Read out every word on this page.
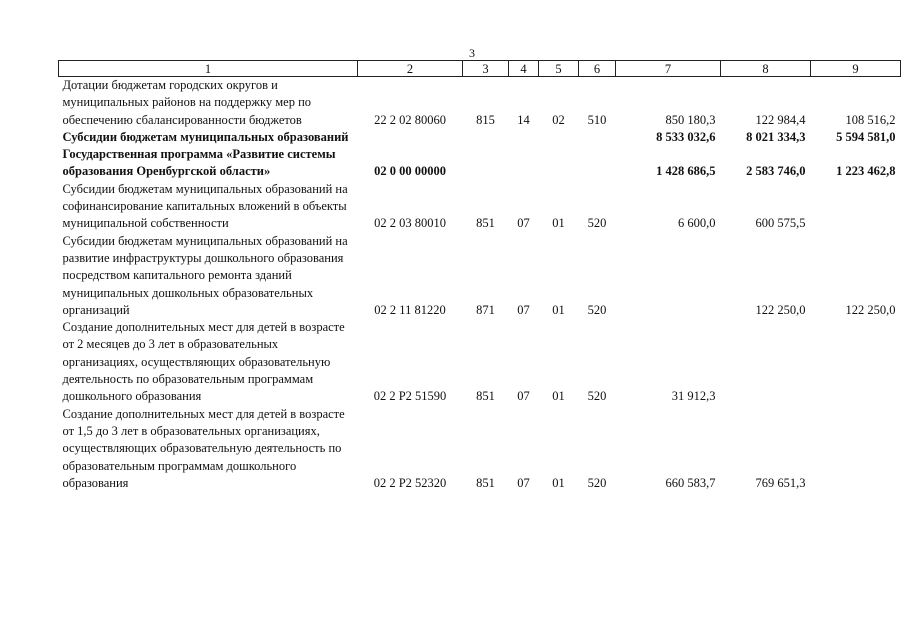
3
1	2	3	4	5	6	7	8	9
Дотации бюджетам городских округов и муниципальных районов на поддержку мер по обеспечению сбалансированности бюджетов	22 2 02 80060	815	14	02	510	850 180,3	122 984,4	108 516,2
Субсидии бюджетам муниципальных образований						8 533 032,6	8 021 334,3	5 594 581,0
Государственная программа «Развитие системы образования Оренбургской области»	02 0 00 00000					1 428 686,5	2 583 746,0	1 223 462,8
Субсидии бюджетам муниципальных образований на софинансирование капитальных вложений в объекты муниципальной собственности	02 2 03 80010	851	07	01	520	6 600,0	600 575,5	
Субсидии бюджетам муниципальных образований на развитие инфраструктуры дошкольного образования посредством капитального ремонта зданий муниципальных дошкольных образовательных организаций	02 2 11 81220	871	07	01	520		122 250,0	122 250,0
Создание дополнительных мест для детей в возрасте от 2 месяцев до 3 лет в образовательных организациях, осуществляющих образовательную деятельность по образовательным программам дошкольного образования	02 2 P2 51590	851	07	01	520	31 912,3		
Создание дополнительных мест для детей в возрасте от 1,5 до 3 лет в образовательных организациях, осуществляющих образовательную деятельность по образовательным программам дошкольного образования	02 2 P2 52320	851	07	01	520	660 583,7	769 651,3	
